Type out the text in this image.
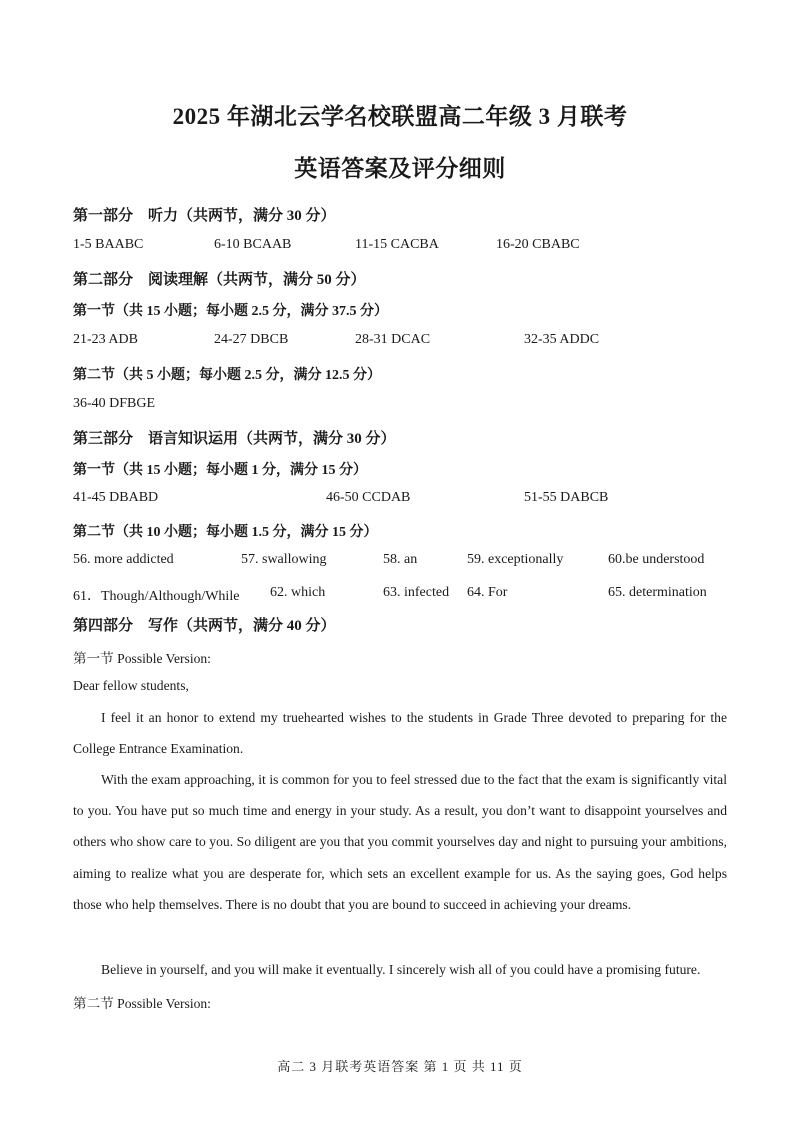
2025 年湖北云学名校联盟高二年级 3 月联考
英语答案及评分细则
第一部分　听力（共两节，满分 30 分）
1-5 BAABC	6-10 BCAAB	11-15 CACBA	16-20 CBABC
第二部分　阅读理解（共两节，满分 50 分）
第一节（共 15 小题；每小题 2.5 分，满分 37.5 分）
21-23 ADB	24-27 DBCB	28-31 DCAC	32-35 ADDC
第二节（共 5 小题；每小题 2.5 分，满分 12.5 分）
36-40 DFBGE
第三部分　语言知识运用（共两节，满分 30 分）
第一节（共 15 小题；每小题 1 分，满分 15 分）
41-45 DBABD	46-50 CCDAB	51-55 DABCB
第二节（共 10 小题；每小题 1.5 分，满分 15 分）
56. more addicted	57. swallowing	58. an	59. exceptionally	60.be understood
61．Though/Although/While 62. which	63. infected 64. For	65. determination
第四部分　写作（共两节，满分 40 分）
第一节 Possible Version:
Dear fellow students,

I feel it an honor to extend my truehearted wishes to the students in Grade Three devoted to preparing for the College Entrance Examination.

With the exam approaching, it is common for you to feel stressed due to the fact that the exam is significantly vital to you. You have put so much time and energy in your study. As a result, you don’t want to disappoint yourselves and others who show care to you. So diligent are you that you commit yourselves day and night to pursuing your ambitions, aiming to realize what you are desperate for, which sets an excellent example for us. As the saying goes, God helps those who help themselves. There is no doubt that you are bound to succeed in achieving your dreams.

Believe in yourself, and you will make it eventually. I sincerely wish all of you could have a promising future.

第二节 Possible Version:
高二 3 月联考英语答案 第 1 页 共 11 页
